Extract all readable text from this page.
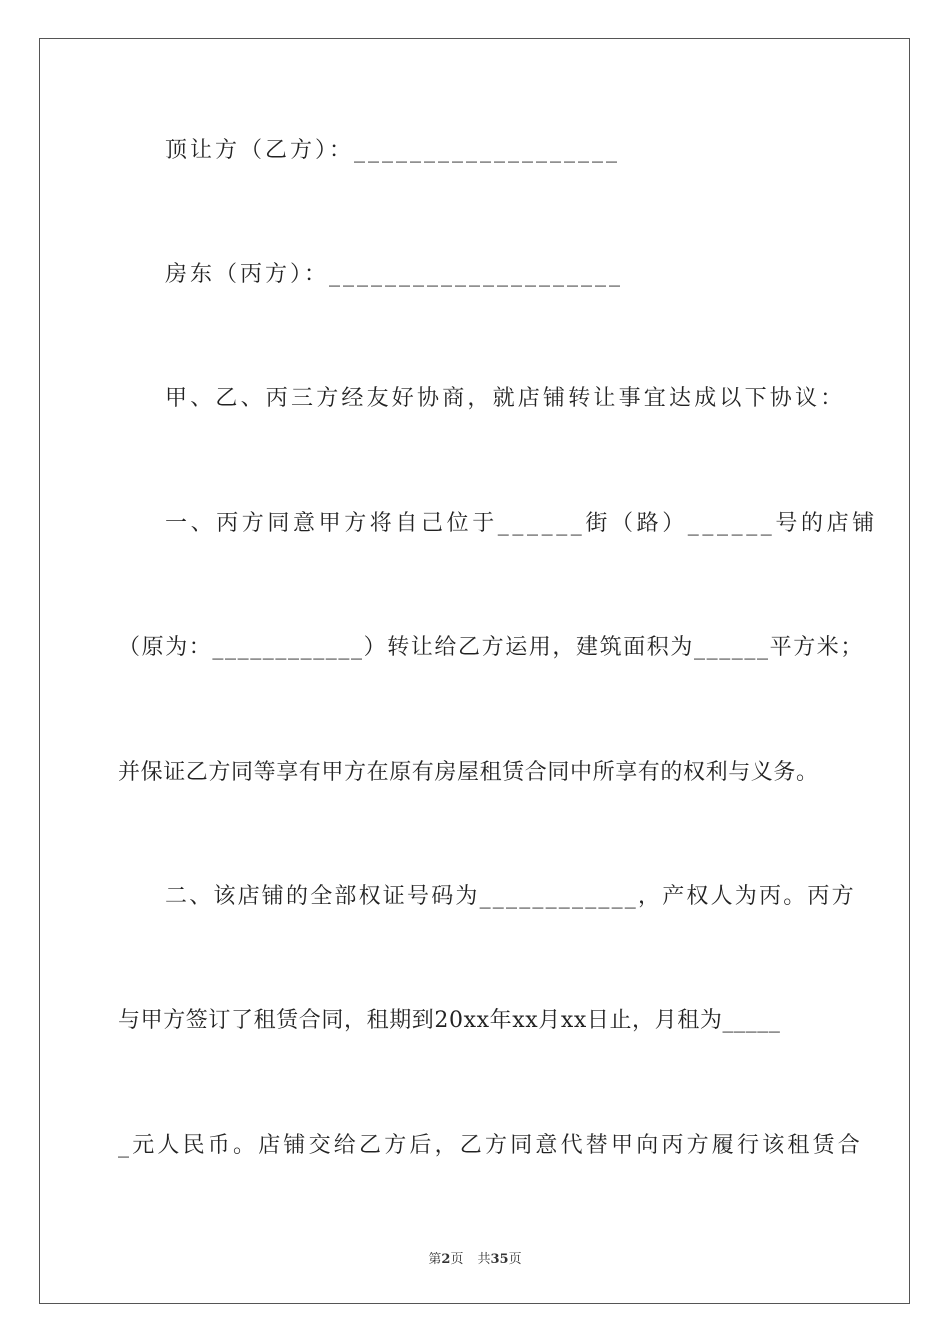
顶让方（乙方）：___________________
房东（丙方）：_____________________
甲、乙、丙三方经友好协商，就店铺转让事宜达成以下协议：
一、丙方同意甲方将自己位于______街（路）______号的店铺
（原为：____________）转让给乙方运用，建筑面积为______平方米；
并保证乙方同等享有甲方在原有房屋租赁合同中所享有的权利与义务。
二、该店铺的全部权证号码为____________，产权人为丙。丙方
与甲方签订了租赁合同，租期到20xx年xx月xx日止，月租为_____
_元人民币。店铺交给乙方后，乙方同意代替甲向丙方履行该租赁合
第2页 共35页
